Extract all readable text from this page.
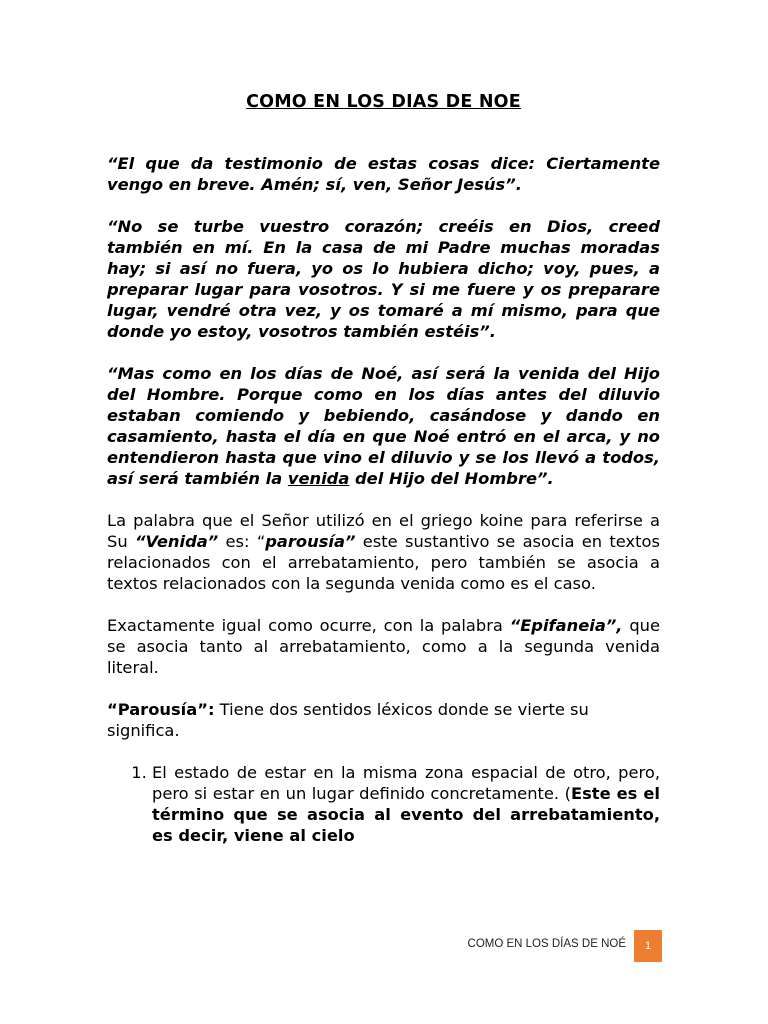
COMO EN LOS DIAS DE NOE

“El que da testimonio de estas cosas dice: Ciertamente vengo en breve. Amén; sí, ven, Señor Jesús”.

“No se turbe vuestro corazón; creéis en Dios, creed también en mí. En la casa de mi Padre muchas moradas hay; si así no fuera, yo os lo hubiera dicho; voy, pues, a preparar lugar para vosotros. Y si me fuere y os preparare lugar, vendré otra vez, y os tomaré a mí mismo, para que donde yo estoy, vosotros también estéis”.

“Mas como en los días de Noé, así será la venida del Hijo del Hombre. Porque como en los días antes del diluvio estaban comiendo y bebiendo, casándose y dando en casamiento, hasta el día en que Noé entró en el arca, y no entendieron hasta que vino el diluvio y se los llevó a todos, así será también la venida del Hijo del Hombre”.

La palabra que el Señor utilizó en el griego koine para referirse a Su “Venida” es: “parousía” este sustantivo se asocia en textos relacionados con el arrebatamiento, pero también se asocia a textos relacionados con la segunda venida como es el caso.

Exactamente igual como ocurre, con la palabra “Epifaneia”, que se asocia tanto al arrebatamiento, como a la segunda venida literal.

“Parousía”: Tiene dos sentidos léxicos donde se vierte su significa.

1. El estado de estar en la misma zona espacial de otro, pero, pero si estar en un lugar definido concretamente. (Este es el término que se asocia al evento del arrebatamiento, es decir, viene al cielo
COMO EN LOS DÍAS DE NOÉ	1
